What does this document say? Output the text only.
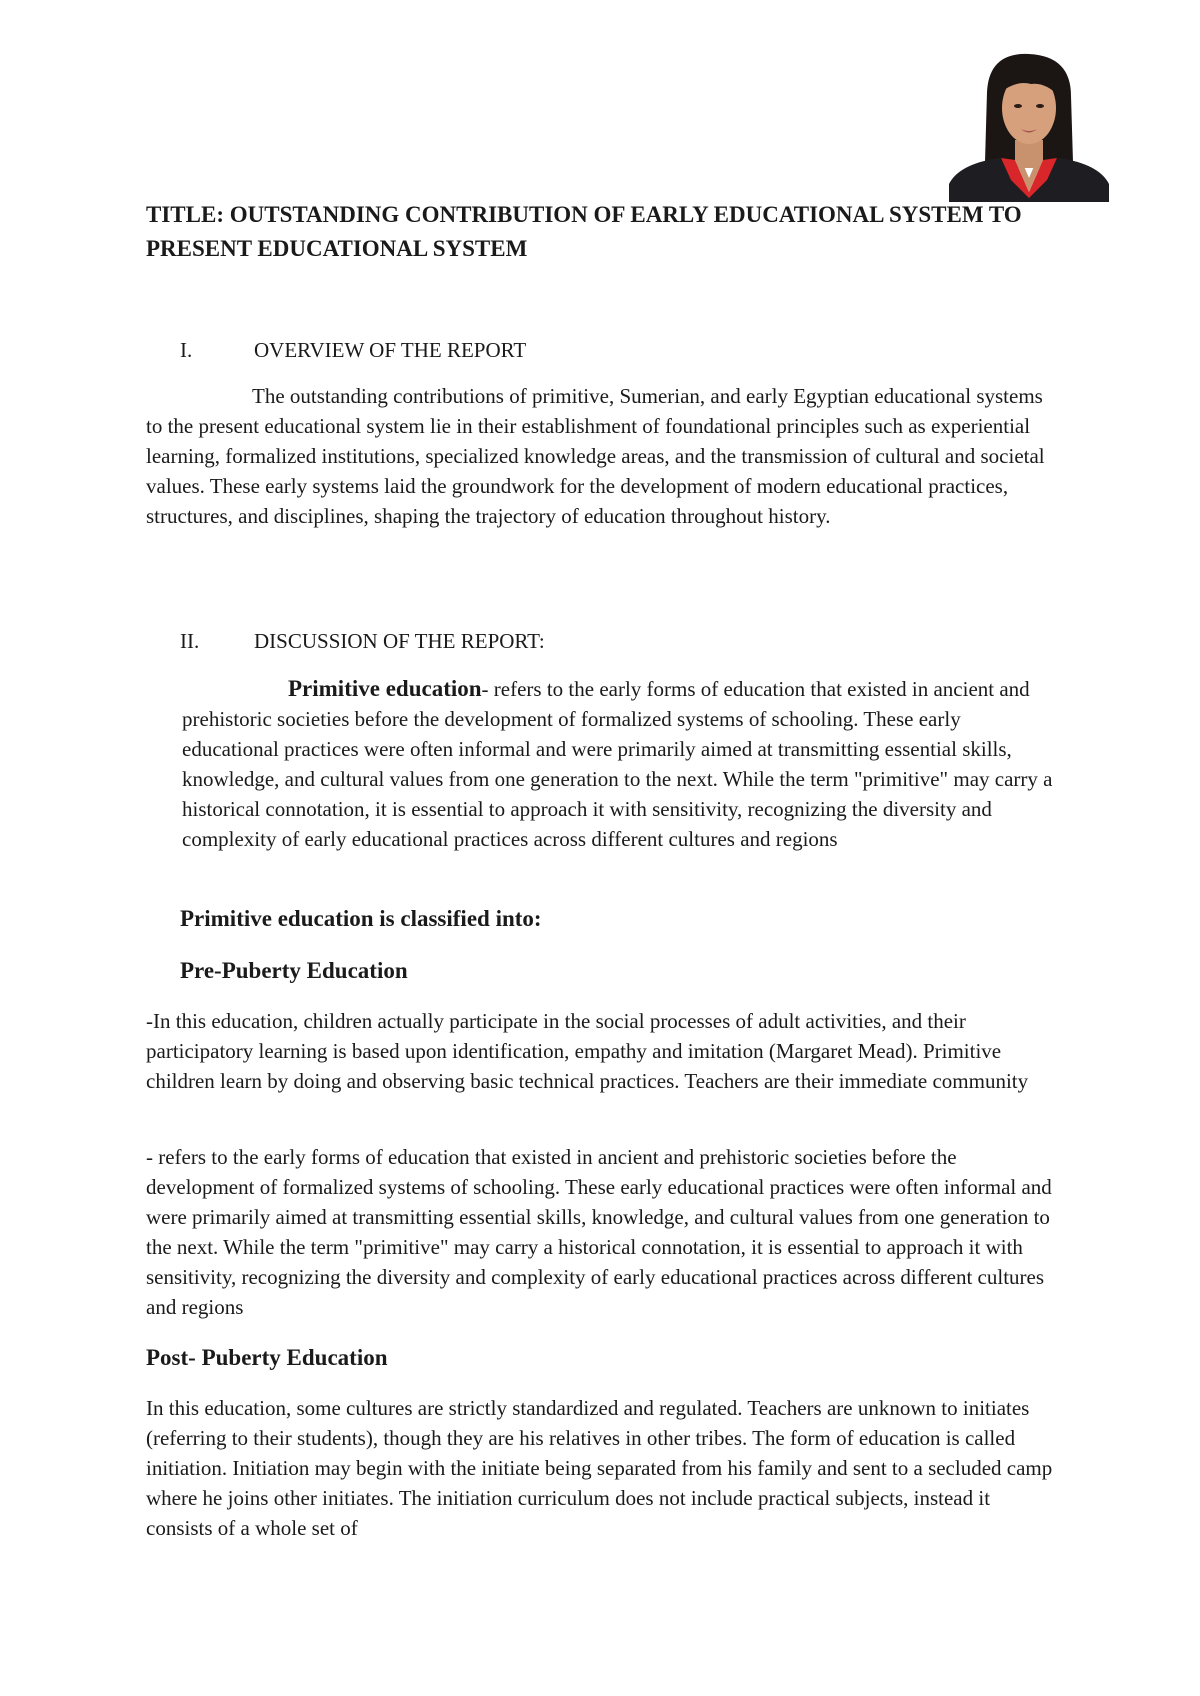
TITLE: OUTSTANDING CONTRIBUTION OF EARLY EDUCATIONAL SYSTEM TO PRESENT EDUCATIONAL SYSTEM

I.	OVERVIEW OF THE REPORT

The outstanding contributions of primitive, Sumerian, and early Egyptian educational systems to the present educational system lie in their establishment of foundational principles such as experiential learning, formalized institutions, specialized knowledge areas, and the transmission of cultural and societal values. These early systems laid the groundwork for the development of modern educational practices, structures, and disciplines, shaping the trajectory of education throughout history.

II.	DISCUSSION OF THE REPORT:

Primitive education- refers to the early forms of education that existed in ancient and prehistoric societies before the development of formalized systems of schooling. These early educational practices were often informal and were primarily aimed at transmitting essential skills, knowledge, and cultural values from one generation to the next. While the term "primitive" may carry a historical connotation, it is essential to approach it with sensitivity, recognizing the diversity and complexity of early educational practices across different cultures and regions

Primitive education is classified into:

Pre-Puberty Education

-In this education, children actually participate in the social processes of adult activities, and their participatory learning is based upon identification, empathy and imitation (Margaret Mead). Primitive children learn by doing and observing basic technical practices. Teachers are their immediate community

- refers to the early forms of education that existed in ancient and prehistoric societies before the development of formalized systems of schooling. These early educational practices were often informal and were primarily aimed at transmitting essential skills, knowledge, and cultural values from one generation to the next. While the term "primitive" may carry a historical connotation, it is essential to approach it with sensitivity, recognizing the diversity and complexity of early educational practices across different cultures and regions

Post- Puberty Education

In this education, some cultures are strictly standardized and regulated. Teachers are unknown to initiates (referring to their students), though they are his relatives in other tribes. The form of education is called initiation. Initiation may begin with the initiate being separated from his family and sent to a secluded camp where he joins other initiates. The initiation curriculum does not include practical subjects, instead it consists of a whole set of
